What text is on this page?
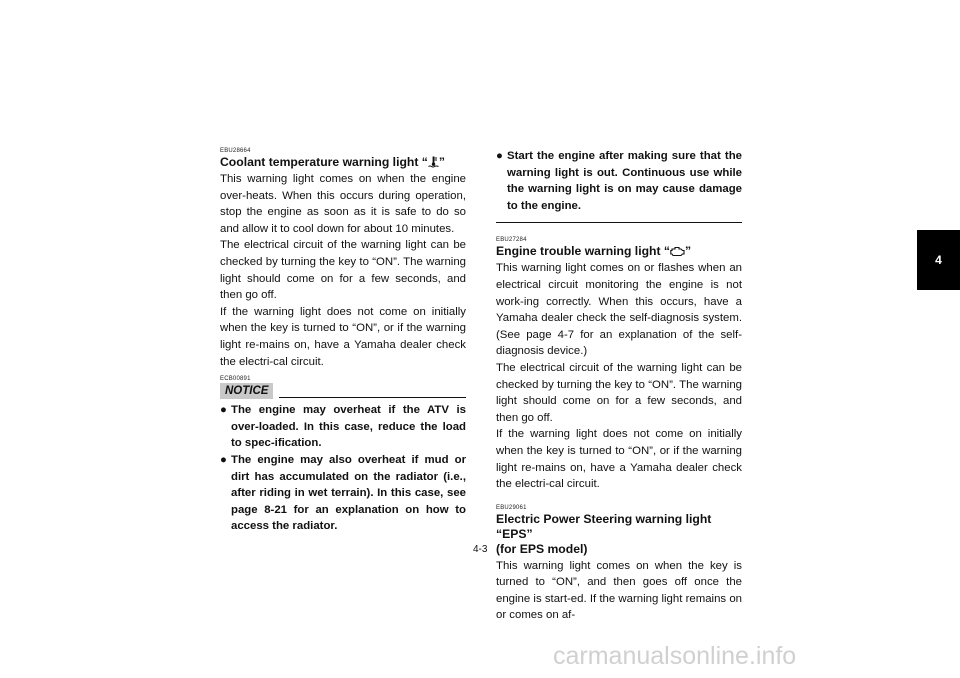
EBU28664
Coolant temperature warning light “ ”

This warning light comes on when the engine over-heats. When this occurs during operation, stop the engine as soon as it is safe to do so and allow it to cool down for about 10 minutes.

The electrical circuit of the warning light can be checked by turning the key to “ON”. The warning light should come on for a few seconds, and then go off.

If the warning light does not come on initially when the key is turned to “ON”, or if the warning light re-mains on, have a Yamaha dealer check the electri-cal circuit.

ECB00891
NOTICE
● The engine may overheat if the ATV is over-loaded. In this case, reduce the load to spec-ification.
● The engine may also overheat if mud or dirt has accumulated on the radiator (i.e., after riding in wet terrain). In this case, see page 8-21 for an explanation on how to access the radiator.
● Start the engine after making sure that the warning light is out. Continuous use while the warning light is on may cause damage to the engine.
EBU27284
Engine trouble warning light “ ”

This warning light comes on or flashes when an electrical circuit monitoring the engine is not work-ing correctly. When this occurs, have a Yamaha dealer check the self-diagnosis system. (See page 4-7 for an explanation of the self-diagnosis device.)

The electrical circuit of the warning light can be checked by turning the key to “ON”. The warning light should come on for a few seconds, and then go off.

If the warning light does not come on initially when the key is turned to “ON”, or if the warning light re-mains on, have a Yamaha dealer check the electri-cal circuit.

EBU29061
Electric Power Steering warning light “EPS”
(for EPS model)

This warning light comes on when the key is turned to “ON”, and then goes off once the engine is start-ed. If the warning light remains on or comes on af-

4
4-3
carmanualsonline.info
